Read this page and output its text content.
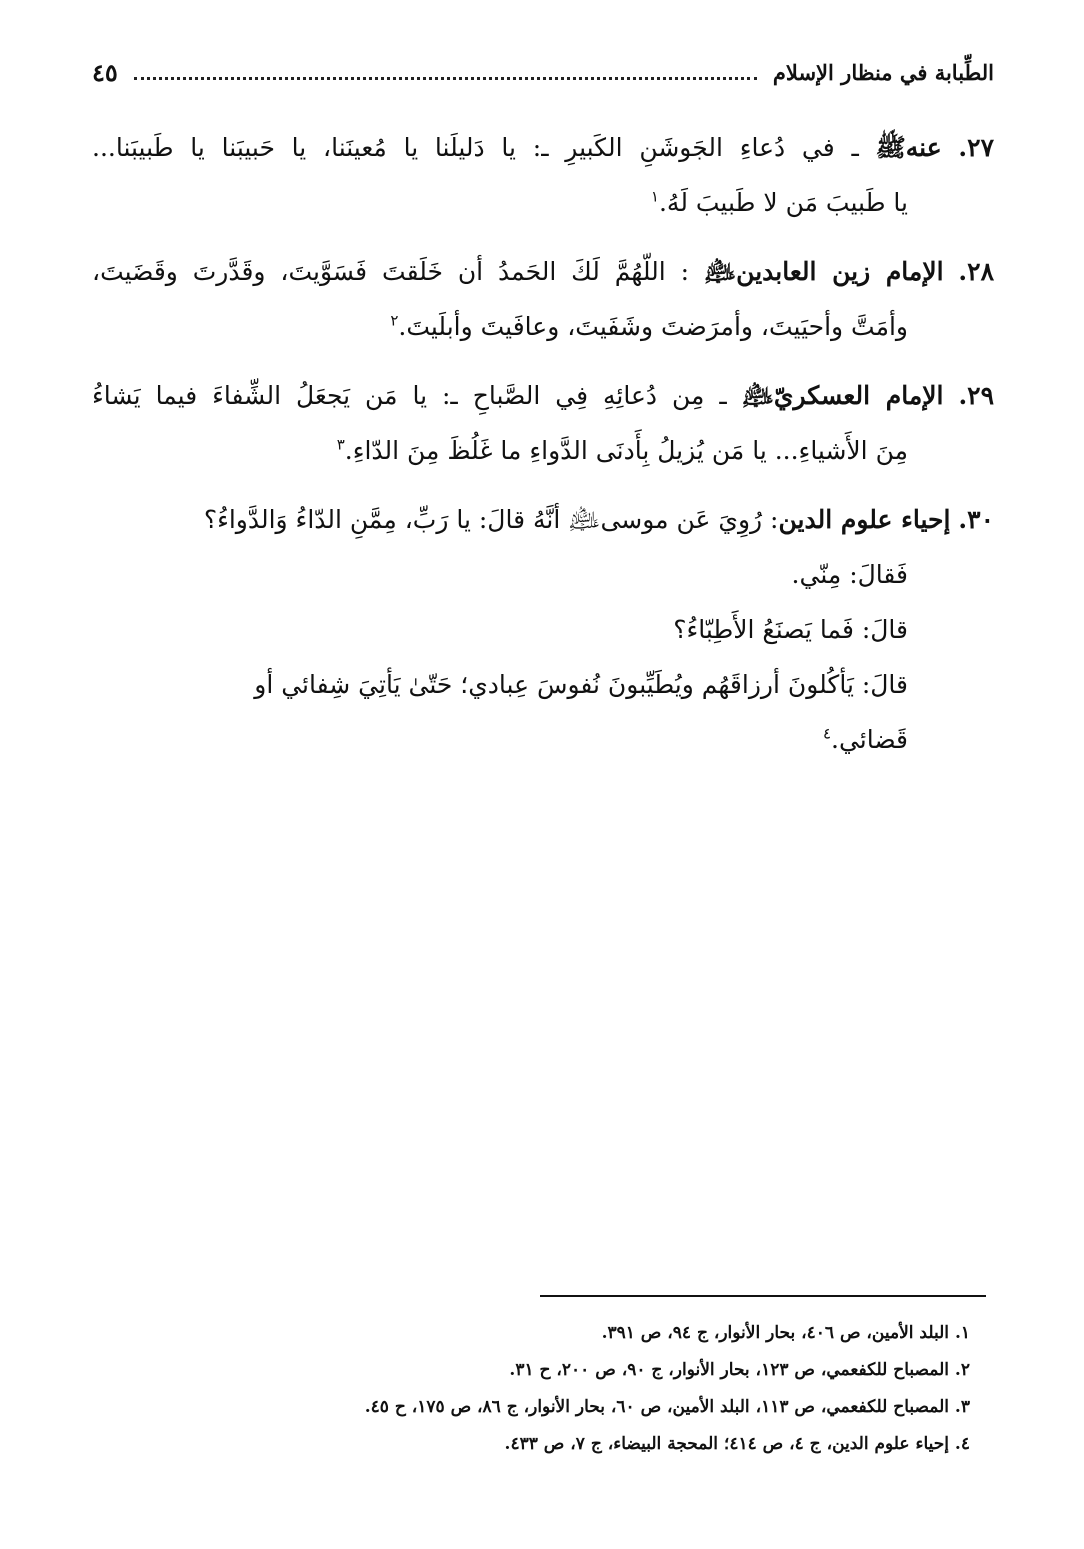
الطِّبابة في منظار الإسلام
٤٥
٢٧. عنهﷺ ـ في دُعاءِ الجَوشَنِ الكَبيرِ ـ: يا دَليلَنا يا مُعينَنا، يا حَبيبَنا يا طَبيبَنا...
يا طَبيبَ مَن لا طَبيبَ لَهُ.$^١$
٢٨. الإمام زين العابدين﵇ : اللّهُمَّ لَكَ الحَمدُ أن خَلَقتَ فَسَوَّيتَ، وقَدَّرتَ وقَضَيتَ،
وأمَتَّ وأحيَيتَ، وأمرَضتَ وشَفَيتَ، وعافَيتَ وأبلَيتَ.$^٢$
٢٩. الإمام العسكريّ﵇ ـ مِن دُعائِهِ فِي الصَّباحِ ـ: يا مَن يَجعَلُ الشِّفاءَ فيما يَشاءُ
مِنَ الأَشياءِ... يا مَن يُزيلُ بِأَدنَى الدَّواءِ ما غَلُظَ مِنَ الدّاءِ.$^٣$
٣٠. إحياء علوم الدين: رُوِيَ عَن موسى﵇ أنَّهُ قالَ: يا رَبِّ، مِمَّنِ الدّاءُ وَالدَّواءُ؟
فَقالَ: مِنّي.
قالَ: فَما يَصنَعُ الأَطِبّاءُ؟
قالَ: يَأكُلونَ أرزاقَهُم ويُطَيِّبونَ نُفوسَ عِبادي؛ حَتّىٰ يَأتِيَ شِفائي أو
قَضائي.$^٤$
١. البلد الأمين، ص ٤٠٦، بحار الأنوار، ج ٩٤، ص ٣٩١.
٢. المصباح للكفعمي، ص ١٢٣، بحار الأنوار، ج ٩٠، ص ٢٠٠، ح ٣١.
٣. المصباح للكفعمي، ص ١١٣، البلد الأمين، ص ٦٠، بحار الأنوار، ج ٨٦، ص ١٧٥، ح ٤٥.
٤. إحياء علوم الدين، ج ٤، ص ٤١٤؛ المحجة البيضاء، ج ٧، ص ٤٣٣.
